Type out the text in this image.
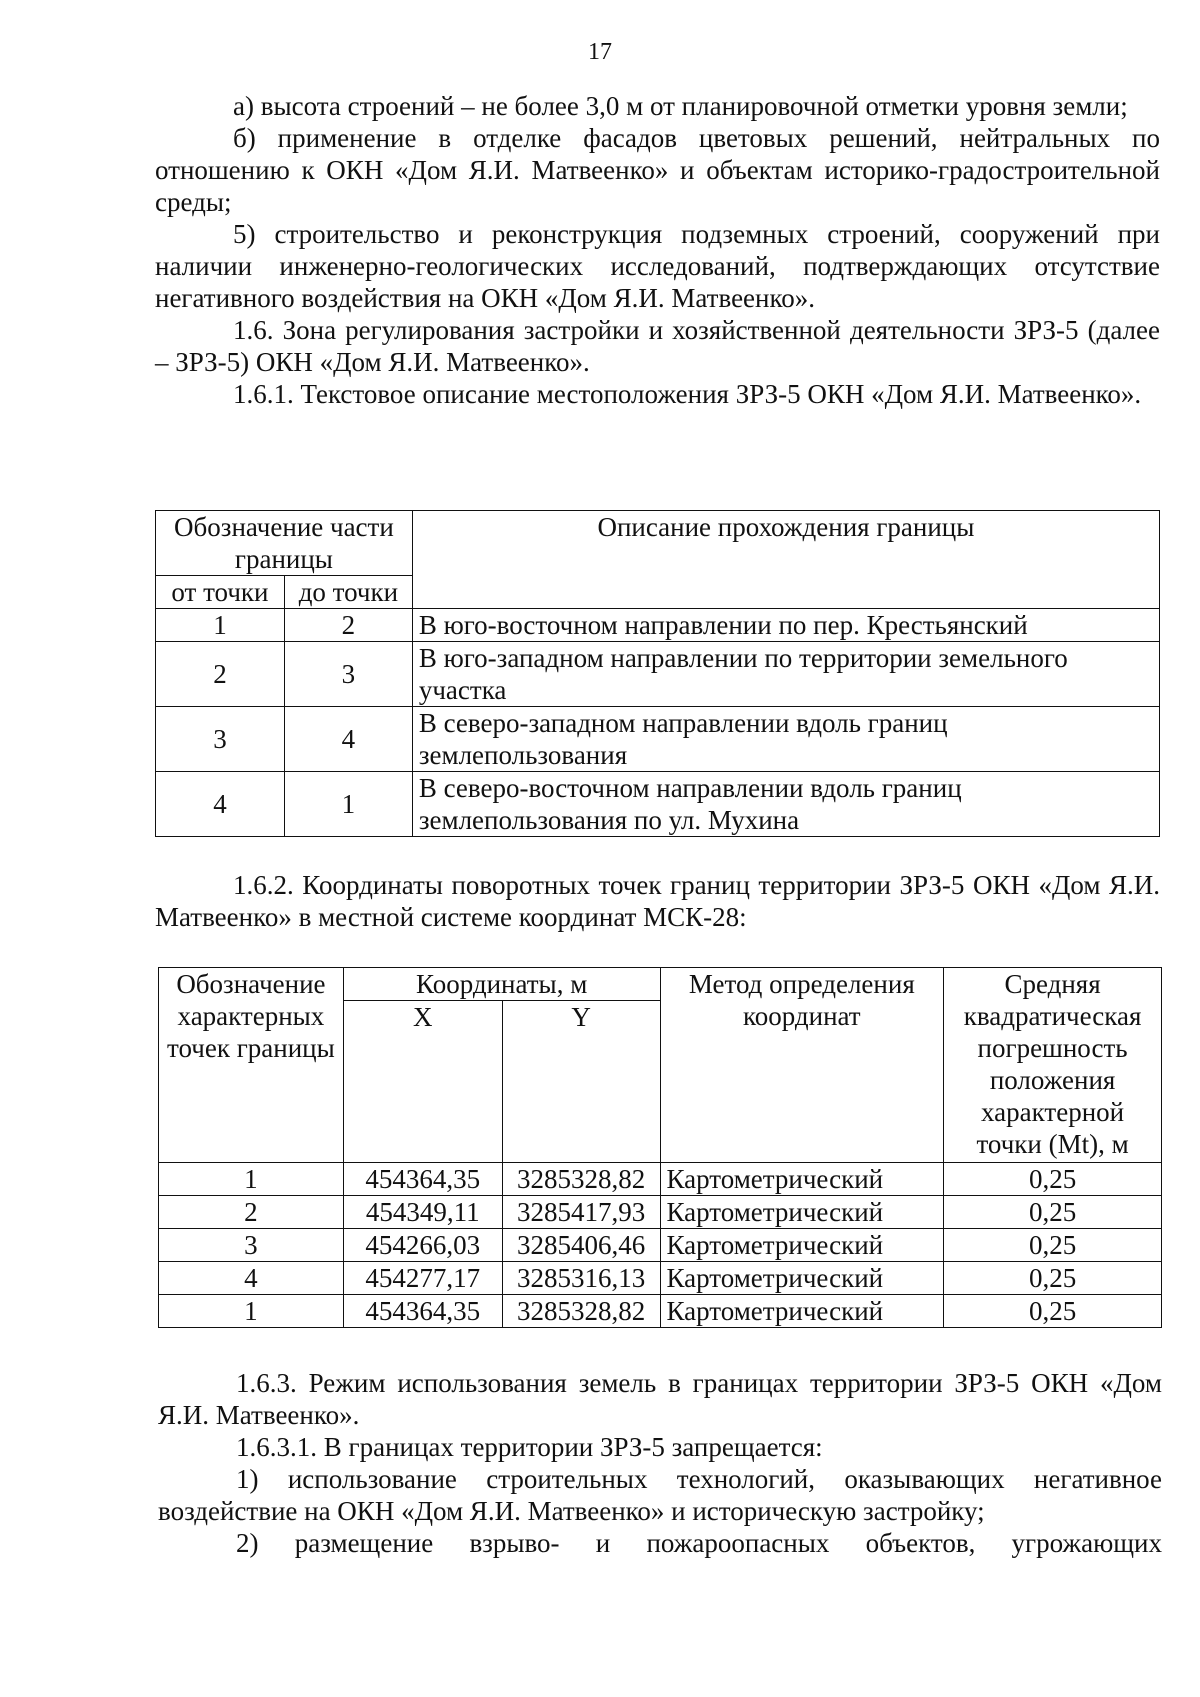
17

а) высота строений – не более 3,0 м от планировочной отметки уровня земли;

б) применение в отделке фасадов цветовых решений, нейтральных по отношению к ОКН «Дом Я.И. Матвеенко» и объектам историко-градостроительной среды;

5) строительство и реконструкция подземных строений, сооружений при наличии инженерно-геологических исследований, подтверждающих отсутствие негативного воздействия на ОКН «Дом Я.И. Матвеенко».

1.6. Зона регулирования застройки и хозяйственной деятельности ЗРЗ-5 (далее – ЗРЗ-5) ОКН «Дом Я.И. Матвеенко».

1.6.1. Текстовое описание местоположения ЗРЗ-5 ОКН «Дом Я.И. Матвеенко».

Обозначение части границы		Описание прохождения границы
от точки	до точки	
1	2	В юго-восточном направлении по пер. Крестьянский
2	3	В юго-западном направлении по территории земельного участка
3	4	В северо-западном направлении вдоль границ землепользования
4	1	В северо-восточном направлении вдоль границ землепользования по ул. Мухина

1.6.2. Координаты поворотных точек границ территории ЗРЗ-5 ОКН «Дом Я.И. Матвеенко» в местной системе координат МСК-28:

Обозначение характерных точек границы	Координаты, м		Метод определения координат	Средняя квадратическая погрешность положения характерной точки (Mt), м
	X	Y		
1	454364,35	3285328,82	Картометрический	0,25
2	454349,11	3285417,93	Картометрический	0,25
3	454266,03	3285406,46	Картометрический	0,25
4	454277,17	3285316,13	Картометрический	0,25
1	454364,35	3285328,82	Картометрический	0,25

1.6.3. Режим использования земель в границах территории ЗРЗ-5 ОКН «Дом Я.И. Матвеенко».

1.6.3.1. В границах территории ЗРЗ-5 запрещается:

1) использование строительных технологий, оказывающих негативное воздействие на ОКН «Дом Я.И. Матвеенко» и историческую застройку;

2) размещение взрыво- и пожароопасных объектов, угрожающих
